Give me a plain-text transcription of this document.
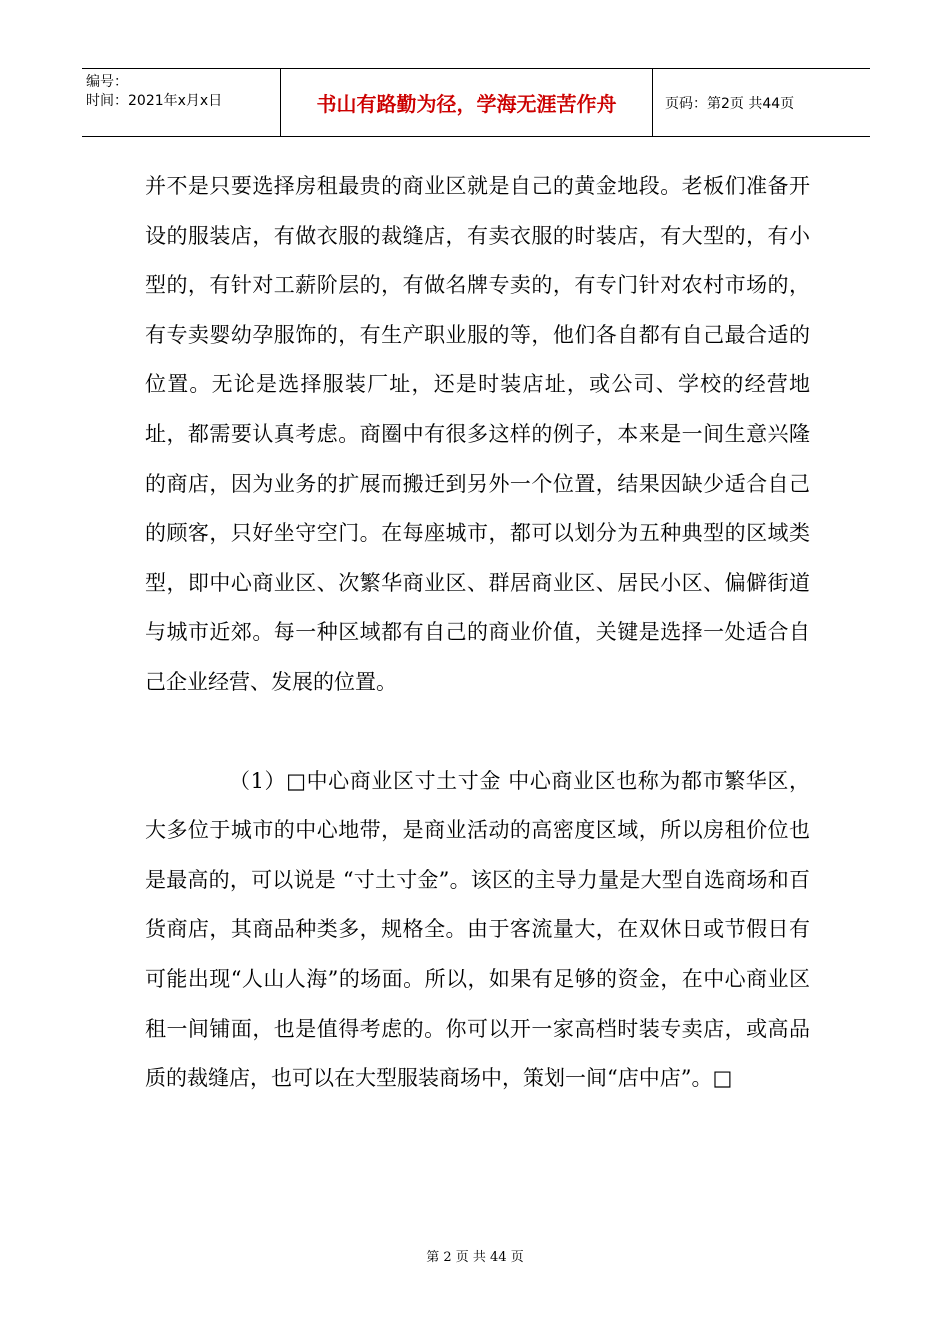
编号：
时间：2021年x月x日	书山有路勤为径，学海无涯苦作舟	页码：第2页 共44页

并不是只要选择房租最贵的商业区就是自己的黄金地段。老板们准备开设的服装店，有做衣服的裁缝店，有卖衣服的时装店，有大型的，有小型的，有针对工薪阶层的，有做名牌专卖的，有专门针对农村市场的，有专卖婴幼孕服饰的，有生产职业服的等，他们各自都有自己最合适的位置。无论是选择服装厂址，还是时装店址，或公司、学校的经营地址，都需要认真考虑。商圈中有很多这样的例子，本来是一间生意兴隆的商店，因为业务的扩展而搬迁到另外一个位置，结果因缺少适合自己的顾客，只好坐守空门。在每座城市，都可以划分为五种典型的区域类型，即中心商业区、次繁华商业区、群居商业区、居民小区、偏僻街道与城市近郊。每一种区域都有自己的商业价值，关键是选择一处适合自己企业经营、发展的位置。

（1）□中心商业区寸土寸金 中心商业区也称为都市繁华区，大多位于城市的中心地带，是商业活动的高密度区域，所以房租价位也是最高的，可以说是 “寸土寸金”。该区的主导力量是大型自选商场和百货商店，其商品种类多，规格全。由于客流量大，在双休日或节假日有可能出现“人山人海”的场面。所以，如果有足够的资金，在中心商业区租一间铺面，也是值得考虑的。你可以开一家高档时装专卖店，或高品质的裁缝店，也可以在大型服装商场中，策划一间“店中店”。□

第 2 页 共 44 页
